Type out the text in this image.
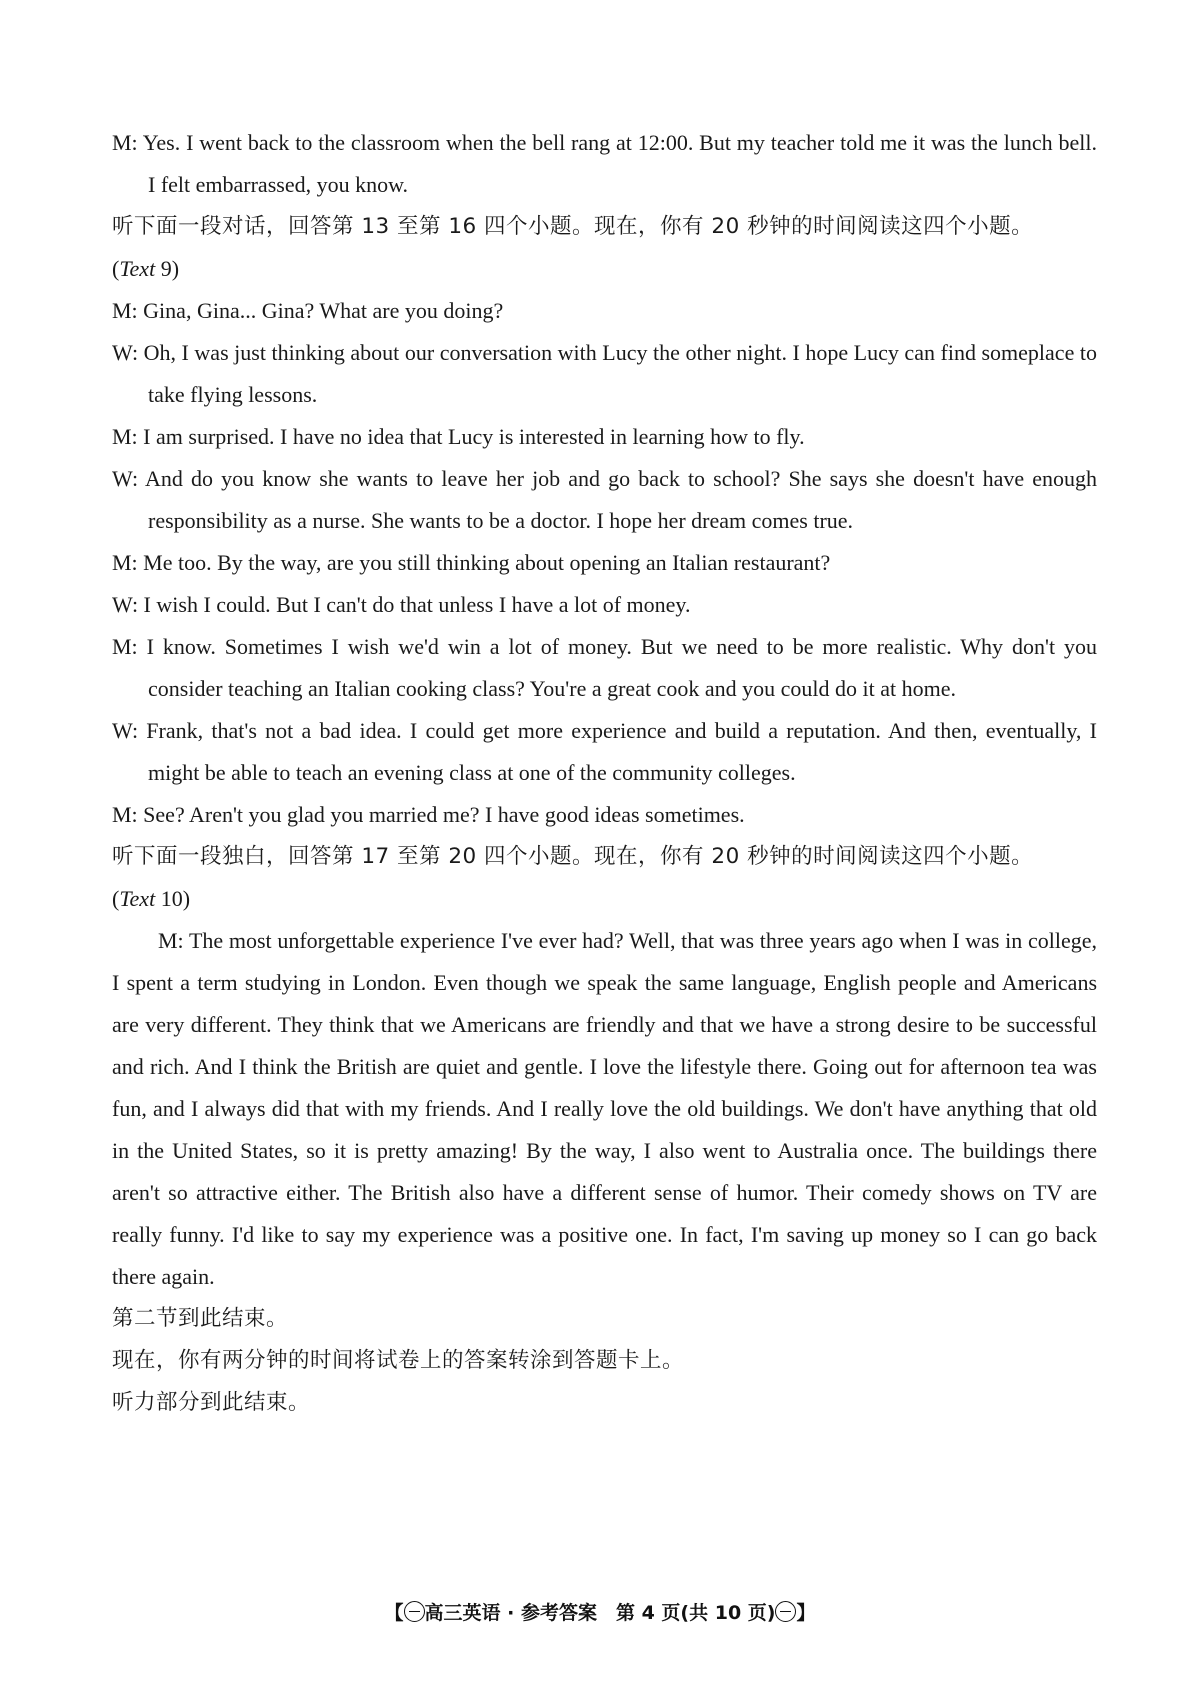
M: Yes. I went back to the classroom when the bell rang at 12:00. But my teacher told me it was the lunch bell. I felt embarrassed, you know.
听下面一段对话，回答第 13 至第 16 四个小题。现在，你有 20 秒钟的时间阅读这四个小题。
(Text 9)
M: Gina, Gina... Gina? What are you doing?
W: Oh, I was just thinking about our conversation with Lucy the other night. I hope Lucy can find someplace to take flying lessons.
M: I am surprised. I have no idea that Lucy is interested in learning how to fly.
W: And do you know she wants to leave her job and go back to school? She says she doesn't have enough responsibility as a nurse. She wants to be a doctor. I hope her dream comes true.
M: Me too. By the way, are you still thinking about opening an Italian restaurant?
W: I wish I could. But I can't do that unless I have a lot of money.
M: I know. Sometimes I wish we'd win a lot of money. But we need to be more realistic. Why don't you consider teaching an Italian cooking class? You're a great cook and you could do it at home.
W: Frank, that's not a bad idea. I could get more experience and build a reputation. And then, eventually, I might be able to teach an evening class at one of the community colleges.
M: See? Aren't you glad you married me? I have good ideas sometimes.
听下面一段独白，回答第 17 至第 20 四个小题。现在，你有 20 秒钟的时间阅读这四个小题。
(Text 10)
M: The most unforgettable experience I've ever had? Well, that was three years ago when I was in college, I spent a term studying in London. Even though we speak the same language, English people and Americans are very different. They think that we Americans are friendly and that we have a strong desire to be successful and rich. And I think the British are quiet and gentle. I love the lifestyle there. Going out for afternoon tea was fun, and I always did that with my friends. And I really love the old buildings. We don't have anything that old in the United States, so it is pretty amazing! By the way, I also went to Australia once. The buildings there aren't so attractive either. The British also have a different sense of humor. Their comedy shows on TV are really funny. I'd like to say my experience was a positive one. In fact, I'm saving up money so I can go back there again.
第二节到此结束。
现在，你有两分钟的时间将试卷上的答案转涂到答题卡上。
听力部分到此结束。
【 高三英语 · 参考答案　第 4 页(共 10 页) 】
